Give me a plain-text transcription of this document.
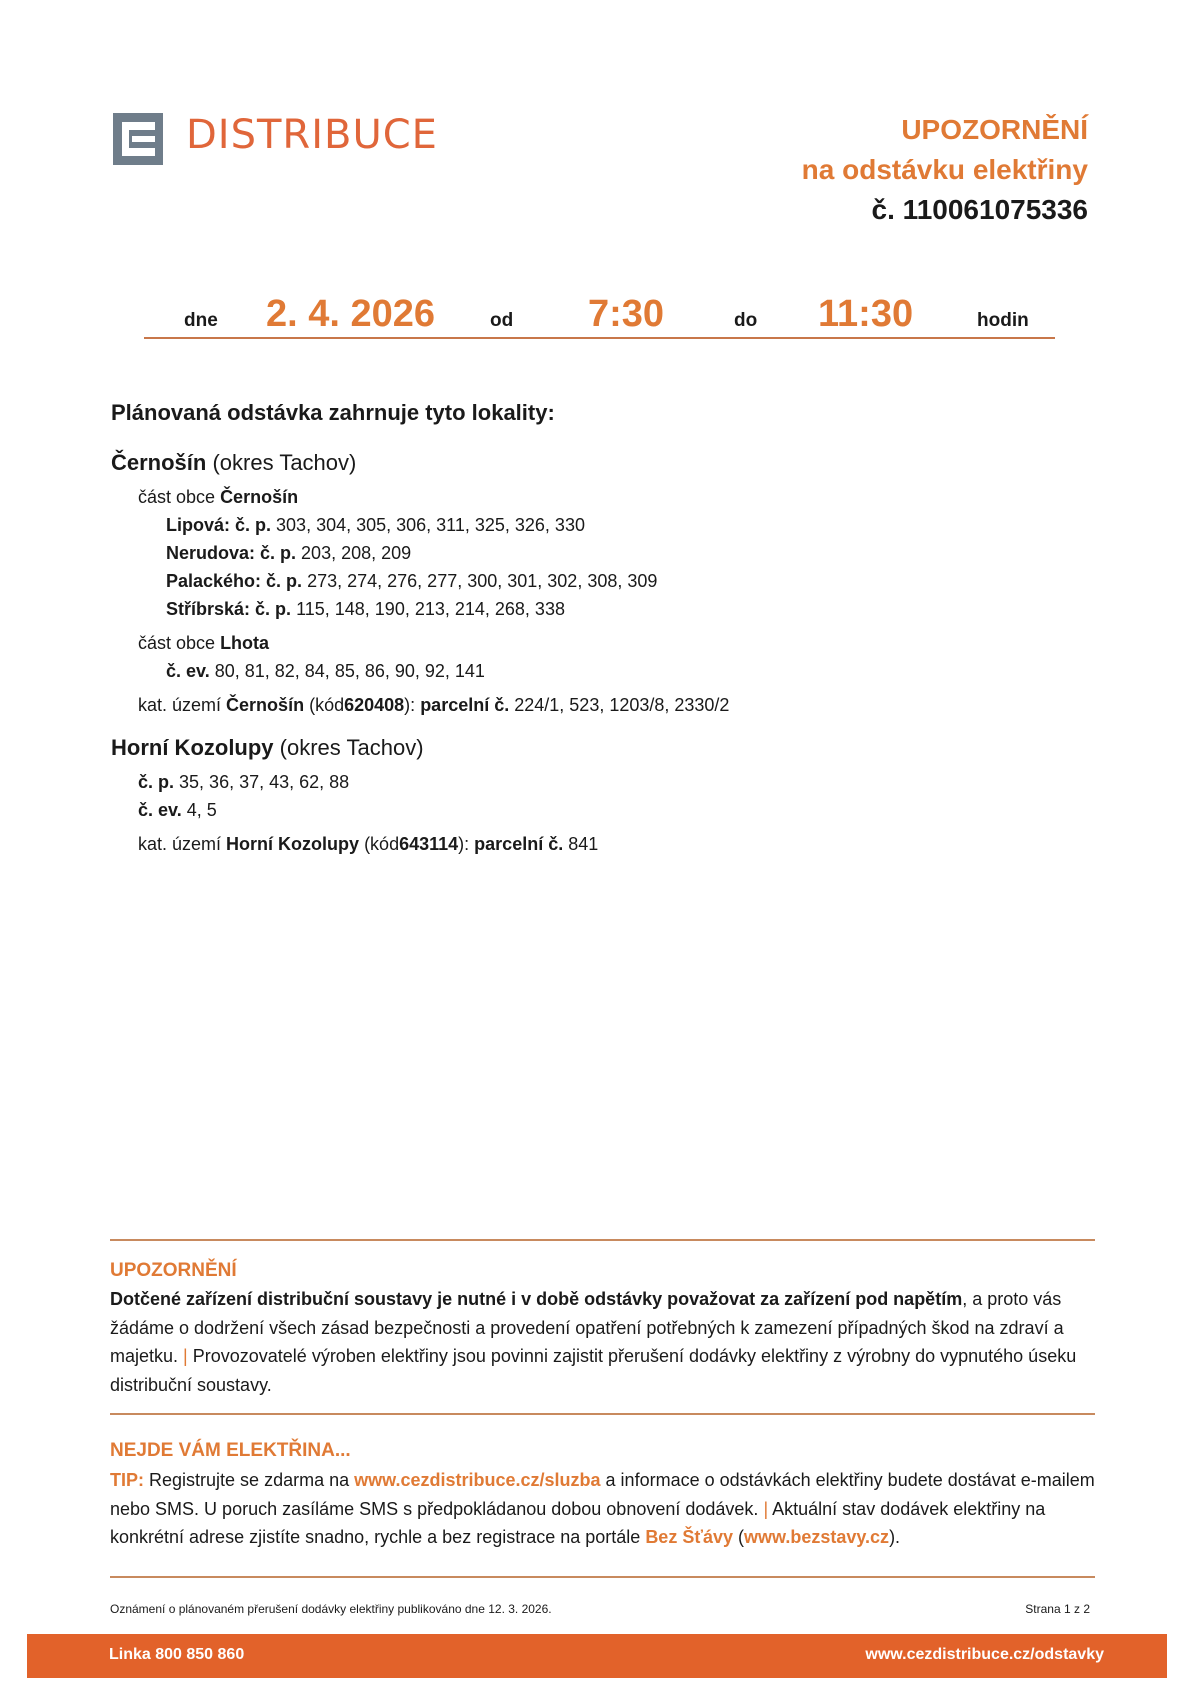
DISTRIBUCE	UPOZORNĚNÍ
na odstávku elektřiny
č. 110061075336
dne 2. 4. 2026	od 7:30	do 11:30	hodin
Plánovaná odstávka zahrnuje tyto lokality:
Černošín (okres Tachov)
část obce Černošín
Lipová: č. p. 303, 304, 305, 306, 311, 325, 326, 330
Nerudova: č. p. 203, 208, 209
Palackého: č. p. 273, 274, 276, 277, 300, 301, 302, 308, 309
Stříbrská: č. p. 115, 148, 190, 213, 214, 268, 338
část obce Lhota
č. ev. 80, 81, 82, 84, 85, 86, 90, 92, 141
kat. území Černošín (kód620408): parcelní č. 224/1, 523, 1203/8, 2330/2
Horní Kozolupy (okres Tachov)
č. p. 35, 36, 37, 43, 62, 88
č. ev. 4, 5
kat. území Horní Kozolupy (kód643114): parcelní č. 841
UPOZORNĚNÍ
Dotčené zařízení distribuční soustavy je nutné i v době odstávky považovat za zařízení pod napětím, a proto vás žádáme o dodržení všech zásad bezpečnosti a provedení opatření potřebných k zamezení případných škod na zdraví a majetku. | Provozovatelé výroben elektřiny jsou povinni zajistit přerušení dodávky elektřiny z výrobny do vypnutého úseku distribuční soustavy.
NEJDE VÁM ELEKTŘINA...
TIP: Registrujte se zdarma na www.cezdistribuce.cz/sluzba a informace o odstávkách elektřiny budete dostávat e-mailem nebo SMS. U poruch zasíláme SMS s předpokládanou dobou obnovení dodávek. | Aktuální stav dodávek elektřiny na konkrétní adrese zjistíte snadno, rychle a bez registrace na portále Bez Šťávy (www.bezstavy.cz).
Oznámení o plánovaném přerušení dodávky elektřiny publikováno dne 12. 3. 2026.	Strana 1 z 2
Linka 800 850 860	www.cezdistribuce.cz/odstavky
